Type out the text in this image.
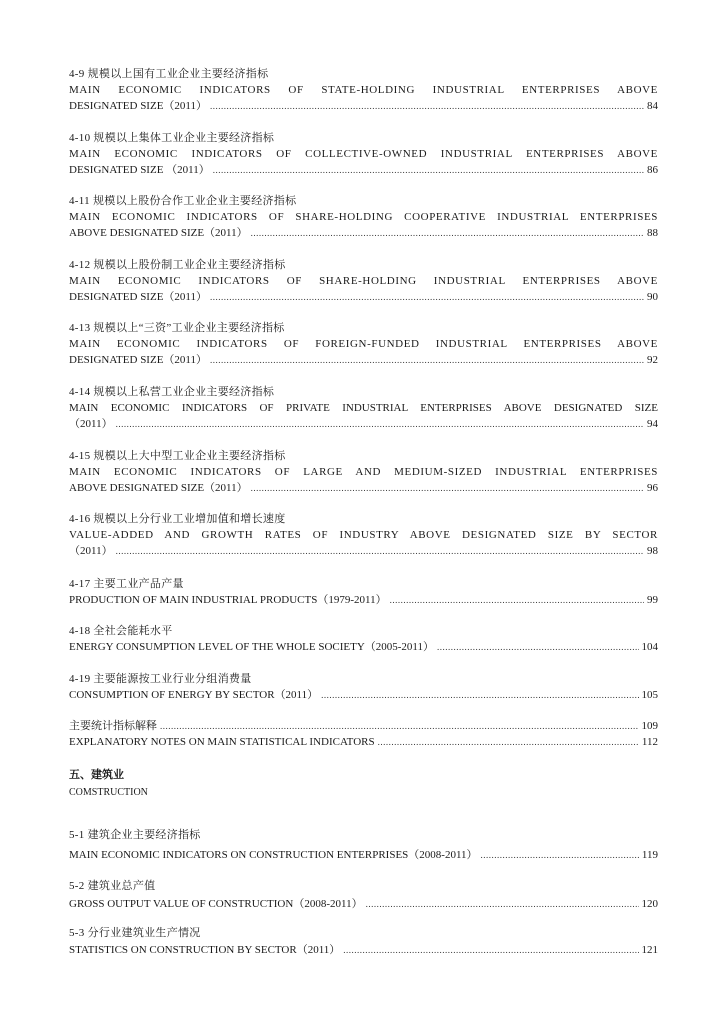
4-9 规模以上国有工业企业主要经济指标
MAIN ECONOMIC INDICATORS OF STATE-HOLDING INDUSTRIAL ENTERPRISES ABOVE
DESIGNATED SIZE（2011） .....	84
4-10 规模以上集体工业企业主要经济指标
MAIN ECONOMIC INDICATORS OF COLLECTIVE-OWNED INDUSTRIAL ENTERPRISES ABOVE
DESIGNATED SIZE （2011） .....	86
4-11 规模以上股份合作工业企业主要经济指标
MAIN ECONOMIC INDICATORS OF SHARE-HOLDING COOPERATIVE INDUSTRIAL ENTERPRISES
ABOVE DESIGNATED SIZE（2011） .....	88
4-12 规模以上股份制工业企业主要经济指标
MAIN ECONOMIC INDICATORS OF SHARE-HOLDING INDUSTRIAL ENTERPRISES ABOVE
DESIGNATED SIZE（2011） .....	90
4-13 规模以上“三资”工业企业主要经济指标
MAIN ECONOMIC INDICATORS OF FOREIGN-FUNDED INDUSTRIAL ENTERPRISES ABOVE
DESIGNATED SIZE（2011） .....	92
4-14 规模以上私营工业企业主要经济指标
MAIN ECONOMIC INDICATORS OF PRIVATE INDUSTRIAL ENTERPRISES ABOVE DESIGNATED SIZE
（2011） .....	94
4-15 规模以上大中型工业企业主要经济指标
MAIN ECONOMIC INDICATORS OF LARGE AND MEDIUM-SIZED INDUSTRIAL ENTERPRISES
ABOVE DESIGNATED SIZE（2011） .....	96
4-16 规模以上分行业工业增加值和增长速度
VALUE-ADDED AND GROWTH RATES OF INDUSTRY ABOVE DESIGNATED SIZE BY SECTOR
（2011） .....	98
4-17 主要工业产品产量
PRODUCTION OF MAIN INDUSTRIAL PRODUCTS（1979-2011） .....	99
4-18 全社会能耗水平
ENERGY CONSUMPTION LEVEL OF THE WHOLE SOCIETY（2005-2011） .....	104
4-19 主要能源按工业行业分组消费量
CONSUMPTION OF ENERGY BY SECTOR（2011） .....	105
主要统计指标解释 .....	109
EXPLANATORY NOTES ON MAIN STATISTICAL INDICATORS .....	112
五、建筑业
COMSTRUCTION
5-1 建筑企业主要经济指标
MAIN ECONOMIC INDICATORS ON CONSTRUCTION ENTERPRISES（2008-2011） .....	119
5-2 建筑业总产值
GROSS OUTPUT VALUE OF CONSTRUCTION（2008-2011） .....	120
5-3 分行业建筑业生产情况
STATISTICS ON CONSTRUCTION BY SECTOR（2011） .....	121
